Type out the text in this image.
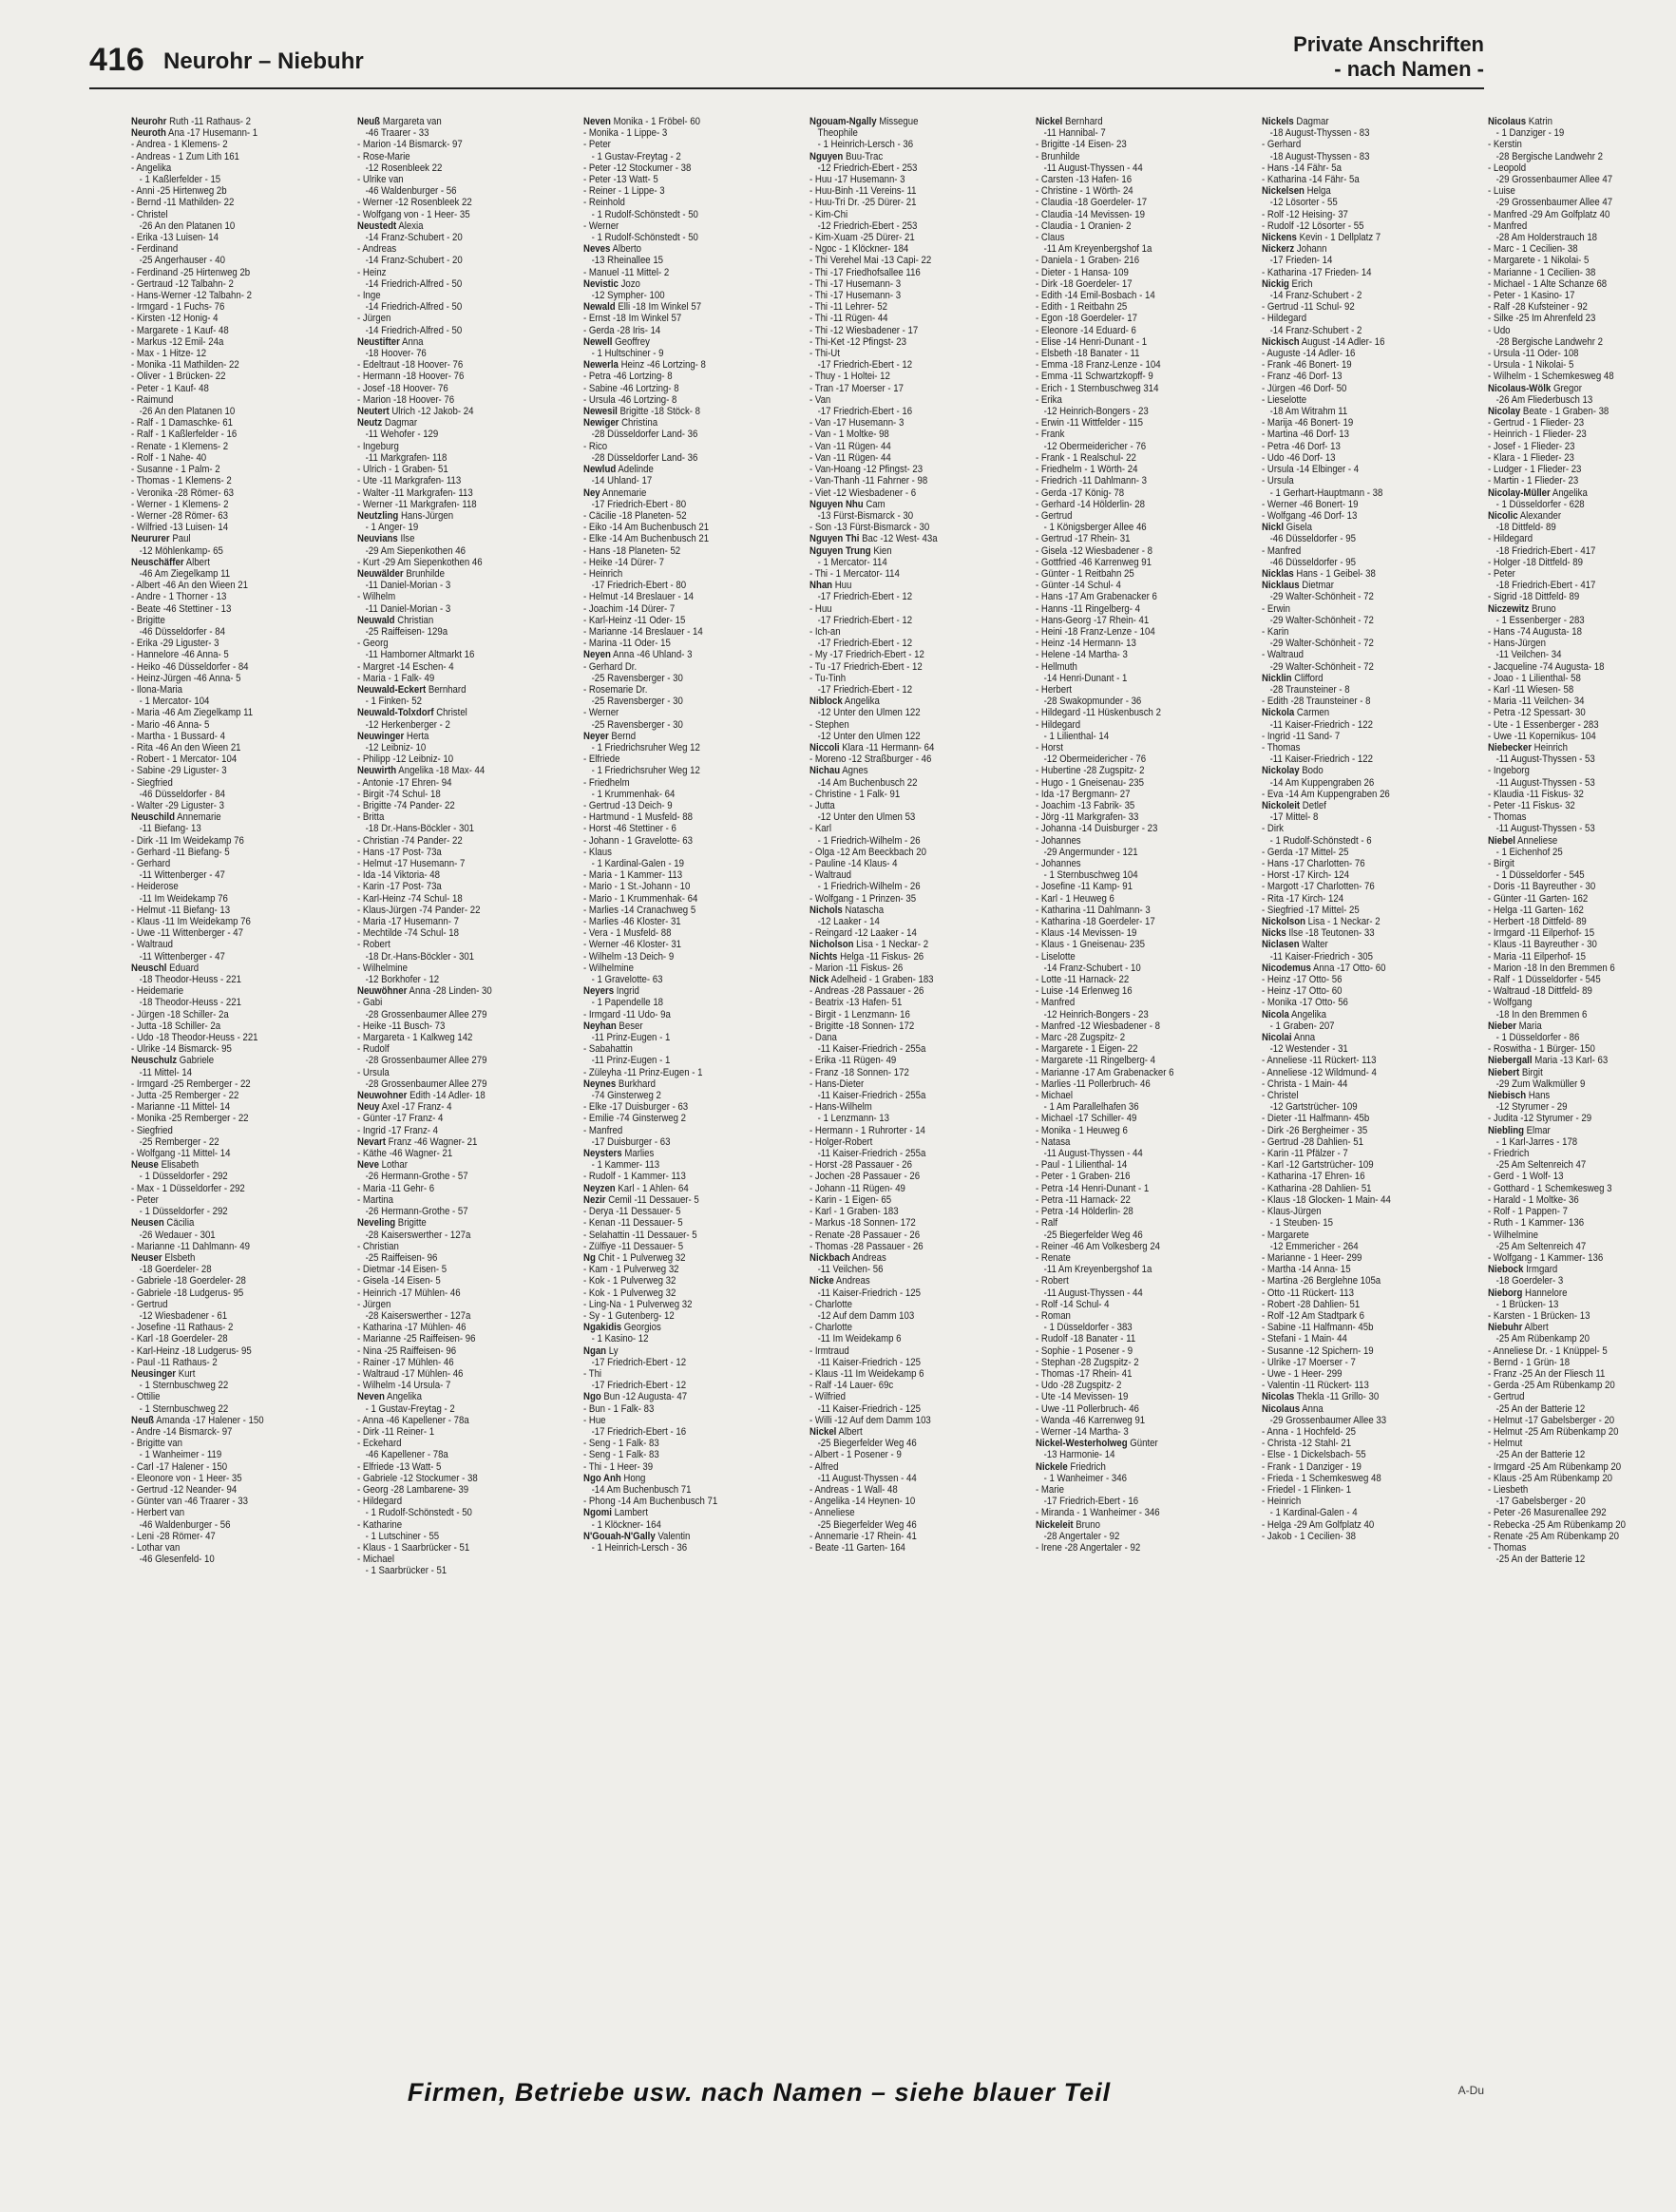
416 Neurohr – Niebuhr
Private Anschriften
- nach Namen -
Neurohr Ruth -11 Rathaus- 2
Neuroth Ana -17 Husemann- 1
- Andrea - 1 Klemens- 2
- Andreas - 1 Zum Lith 161
- Angelika
- 1 Kaßlerfelder - 15
- Anni -25 Hirtenweg 2b
- Bernd -11 Mathilden- 22
- Christel
-26 An den Platanen 10
- Erika -13 Luisen- 14
- Ferdinand
-25 Angerhauser - 40
- Ferdinand -25 Hirtenweg 2b
- Gertraud -12 Talbahn- 2
- Hans-Werner -12 Talbahn- 2
- Irmgard - 1 Fuchs- 76
- Kirsten -12 Honig- 4
- Margarete - 1 Kauf- 48
- Markus -12 Emil- 24a
- Max - 1 Hitze- 12
- Monika -11 Mathilden- 22
- Oliver - 1 Brücken- 22
- Peter - 1 Kauf- 48
- Raimund
-26 An den Platanen 10
- Ralf - 1 Damaschke- 61
- Ralf - 1 Kaßlerfelder - 16
- Renate - 1 Klemens- 2
- Rolf - 1 Nahe- 40
- Susanne - 1 Palm- 2
- Thomas - 1 Klemens- 2
- Veronika -28 Römer- 63
- Werner - 1 Klemens- 2
- Werner -28 Römer- 63
- Wilfried -13 Luisen- 14
Neururer Paul
-12 Möhlenkamp- 65
Neuschäffer Albert
-46 Am Ziegelkamp 11
- Albert -46 An den Wieen 21
- Andre - 1 Thorner - 13
- Beate -46 Stettiner - 13
- Brigitte
-46 Düsseldorfer - 84
- Erika -29 Liguster- 3
- Hannelore -46 Anna- 5
- Heiko -46 Düsseldorfer - 84
- Heinz-Jürgen -46 Anna- 5
- Ilona-Maria
- 1 Mercator- 104
- Maria -46 Am Ziegelkamp 11
- Mario -46 Anna- 5
- Martha - 1 Bussard- 4
- Rita -46 An den Wieen 21
- Robert - 1 Mercator- 104
- Sabine -29 Liguster- 3
- Siegfried
-46 Düsseldorfer - 84
- Walter -29 Liguster- 3
Neuschild Annemarie
-11 Biefang- 13
- Dirk -11 Im Weidekamp 76
- Gerhard -11 Biefang- 5
- Gerhard
-11 Wittenberger - 47
- Heiderose
-11 Im Weidekamp 76
- Helmut -11 Biefang- 13
- Klaus -11 Im Weidekamp 76
- Uwe -11 Wittenberger - 47
- Waltraud
-11 Wittenberger - 47
Neuschl Eduard
-18 Theodor-Heuss - 221
- Heidemarie
-18 Theodor-Heuss - 221
- Jürgen -18 Schiller- 2a
- Jutta -18 Schiller- 2a
- Udo -18 Theodor-Heuss - 221
- Ulrike -14 Bismarck- 95
Neuschulz Gabriele
-11 Mittel- 14
- Irmgard -25 Remberger - 22
- Jutta -25 Remberger - 22
- Marianne -11 Mittel- 14
- Monika -25 Remberger - 22
- Siegfried
-25 Remberger - 22
- Wolfgang -11 Mittel- 14
Neuse Elisabeth
- 1 Düsseldorfer - 292
- Max - 1 Düsseldorfer - 292
- Peter
- 1 Düsseldorfer - 292
Neusen Cäcilia
-26 Wedauer - 301
- Marianne -11 Dahlmann- 49
Neuser Elsbeth
-18 Goerdeler- 28
- Gabriele -18 Goerdeler- 28
- Gabriele -18 Ludgerus- 95
- Gertrud
-12 Wiesbadener - 61
- Josefine -11 Rathaus- 2
- Karl -18 Goerdeler- 28
- Karl-Heinz -18 Ludgerus- 95
- Paul -11 Rathaus- 2
Neusinger Kurt
- 1 Sternbuschweg 22
- Ottilie
- 1 Sternbuschweg 22
Neuß Amanda -17 Halener - 150
- Andre -14 Bismarck- 97
- Brigitte van
- 1 Wanheimer - 119
- Carl -17 Halener - 150
- Eleonore von - 1 Heer- 35
- Gertrud -12 Neander- 94
- Günter van -46 Traarer - 33
- Herbert van
-46 Waldenburger - 56
- Leni -28 Römer- 47
- Lothar van
-46 Glesenfeld- 10
Neuß Margareta van
-46 Traarer - 33
- Marion -14 Bismarck- 97
- Rose-Marie
-12 Rosenbleek 22
- Ulrike van
-46 Waldenburger - 56
- Werner -12 Rosenbleek 22
- Wolfgang von - 1 Heer- 35
Neustedt Alexia
-14 Franz-Schubert - 20
- Andreas
-14 Franz-Schubert - 20
- Heinz
-14 Friedrich-Alfred - 50
- Inge
-14 Friedrich-Alfred - 50
- Jürgen
-14 Friedrich-Alfred - 50
Neustifter Anna
-18 Hoover- 76
- Edeltraut -18 Hoover- 76
- Hermann -18 Hoover- 76
- Josef -18 Hoover- 76
- Marion -18 Hoover- 76
Neutert Ulrich -12 Jakob- 24
Neutz Dagmar
-11 Wehofer - 129
- Ingeburg
-11 Markgrafen- 118
- Ulrich - 1 Graben- 51
- Ute -11 Markgrafen- 113
- Walter -11 Markgrafen- 113
- Werner -11 Markgrafen- 118
Neutzling Hans-Jürgen
- 1 Anger- 19
Neuvians Ilse
-29 Am Siepenkothen 46
- Kurt -29 Am Siepenkothen 46
Neuwälder Brunhilde
-11 Daniel-Morian - 3
- Wilhelm
-11 Daniel-Morian - 3
Neuwald Christian
-25 Raiffeisen- 129a
- Georg
-11 Hamborner Altmarkt 16
- Margret -14 Eschen- 4
- Maria - 1 Falk- 49
Neuwald-Eckert Bernhard
- 1 Finken- 52
Neuwald-Tolxdorf Christel
-12 Herkenberger - 2
Neuwinger Herta
-12 Leibniz- 10
- Philipp -12 Leibniz- 10
Neuwirth Angelika -18 Max- 44
- Antonie -17 Ehren- 94
- Birgit -74 Schul- 18
- Brigitte -74 Pander- 22
- Britta
-18 Dr.-Hans-Böckler - 301
- Christian -74 Pander- 22
- Hans -17 Post- 73a
- Helmut -17 Husemann- 7
- Ida -14 Viktoria- 48
- Karin -17 Post- 73a
- Karl-Heinz -74 Schul- 18
- Klaus-Jürgen -74 Pander- 22
- Maria -17 Husemann- 7
- Mechtilde -74 Schul- 18
- Robert
-18 Dr.-Hans-Böckler - 301
- Wilhelmine
-12 Borkhofer - 12
Neuwöhner Anna -28 Linden- 30
- Gabi
-28 Grossenbaumer Allee 279
- Heike -11 Busch- 73
- Margareta - 1 Kalkweg 142
- Rudolf
-28 Grossenbaumer Allee 279
- Ursula
-28 Grossenbaumer Allee 279
Neuwohner Edith -14 Adler- 18
Neuy Axel -17 Franz- 4
- Günter -17 Franz- 4
- Ingrid -17 Franz- 4
Nevart Franz -46 Wagner- 21
- Käthe -46 Wagner- 21
Neve Lothar
-26 Hermann-Grothe - 57
- Maria -11 Gehr- 6
- Martina
-26 Hermann-Grothe - 57
Neveling Brigitte
-28 Kaiserswerther - 127a
- Christian
-25 Raiffeisen- 96
- Dietmar -14 Eisen- 5
- Gisela -14 Eisen- 5
- Heinrich -17 Mühlen- 46
- Jürgen
-28 Kaiserswerther - 127a
- Katharina -17 Mühlen- 46
- Marianne -25 Raiffeisen- 96
- Nina -25 Raiffeisen- 96
- Rainer -17 Mühlen- 46
- Waltraud -17 Mühlen- 46
- Wilhelm -14 Ursula- 7
Neven Angelika
- 1 Gustav-Freytag - 2
- Anna -46 Kapellener - 78a
- Dirk -11 Reiner- 1
- Eckehard
-46 Kapellener - 78a
- Elfriede -13 Watt- 5
- Gabriele -12 Stockumer - 38
- Georg -28 Lambarene- 39
- Hildegard
- 1 Rudolf-Schönstedt - 50
- Katharine
- 1 Lutschiner - 55
- Klaus - 1 Saarbrücker - 51
- Michael
- 1 Saarbrücker - 51
Neven Monika - 1 Fröbel- 60
- Monika - 1 Lippe- 3
- Peter
- 1 Gustav-Freytag - 2
- Peter -12 Stockumer - 38
- Peter -13 Watt- 5
- Reiner - 1 Lippe- 3
- Reinhold
- 1 Rudolf-Schönstedt - 50
- Werner
- 1 Rudolf-Schönstedt - 50
Neves Alberto
-13 Rheinallee 15
- Manuel -11 Mittel- 2
Nevistic Jozo
-12 Sympher- 100
Newald Elli -18 Im Winkel 57
- Ernst -18 Im Winkel 57
- Gerda -28 Iris- 14
Newell Geoffrey
- 1 Hultschiner - 9
Newerla Heinz -46 Lortzing- 8
- Petra -46 Lortzing- 8
- Sabine -46 Lortzing- 8
- Ursula -46 Lortzing- 8
Newesil Brigitte -18 Stöck- 8
Newiger Christina
-28 Düsseldorfer Land- 36
- Rico
-28 Düsseldorfer Land- 36
Newlud Adelinde
-14 Uhland- 17
Ney Annemarie
-17 Friedrich-Ebert - 80
- Cäcilie -18 Planeten- 52
- Eiko -14 Am Buchenbusch 21
- Elke -14 Am Buchenbusch 21
- Hans -18 Planeten- 52
- Heike -14 Dürer- 7
- Heinrich
-17 Friedrich-Ebert - 80
- Helmut -14 Breslauer - 14
- Joachim -14 Dürer- 7
- Karl-Heinz -11 Oder- 15
- Marianne -14 Breslauer - 14
- Marina -11 Oder- 15
Neyen Anna -46 Uhland- 3
- Gerhard Dr.
-25 Ravensberger - 30
- Rosemarie Dr.
-25 Ravensberger - 30
- Werner
-25 Ravensberger - 30
Neyer Bernd
- 1 Friedrichsruher Weg 12
- Elfriede
- 1 Friedrichsruher Weg 12
- Friedhelm
- 1 Krummenhak- 64
- Gertrud -13 Deich- 9
- Hartmund - 1 Musfeld- 88
- Horst -46 Stettiner - 6
- Johann - 1 Gravelotte- 63
- Klaus
- 1 Kardinal-Galen - 19
- Maria - 1 Kammer- 113
- Mario - 1 St.-Johann - 10
- Mario - 1 Krummenhak- 64
- Marlies -14 Cranachweg 5
- Marlies -46 Kloster- 31
- Vera - 1 Musfeld- 88
- Werner -46 Kloster- 31
- Wilhelm -13 Deich- 9
- Wilhelmine
- 1 Gravelotte- 63
Neyers Ingrid
- 1 Papendelle 18
- Irmgard -11 Udo- 9a
Neyhan Beser
-11 Prinz-Eugen - 1
- Sabahattin
-11 Prinz-Eugen - 1
- Züleyha -11 Prinz-Eugen - 1
Neynes Burkhard
-74 Ginsterweg 2
- Elke -17 Duisburger - 63
- Emilie -74 Ginsterweg 2
- Manfred
-17 Duisburger - 63
Neysters Marlies
- 1 Kammer- 113
- Rudolf - 1 Kammer- 113
Neyzen Karl - 1 Ahlen- 64
Nezir Cemil -11 Dessauer- 5
- Derya -11 Dessauer- 5
- Kenan -11 Dessauer- 5
- Selahattin -11 Dessauer- 5
- Zülfiye -11 Dessauer- 5
Ng Chit - 1 Pulverweg 32
- Kam - 1 Pulverweg 32
- Kok - 1 Pulverweg 32
- Kok - 1 Pulverweg 32
- Ling-Na - 1 Pulverweg 32
- Sy - 1 Gutenberg- 12
Ngakidis Georgios
- 1 Kasino- 12
Ngan Ly
-17 Friedrich-Ebert - 12
- Thi
-17 Friedrich-Ebert - 12
Ngo Bun -12 Augusta- 47
- Bun - 1 Falk- 83
- Hue
-17 Friedrich-Ebert - 16
- Seng - 1 Falk- 83
- Seng - 1 Falk- 83
- Thi - 1 Heer- 39
Ngo Anh Hong
-14 Am Buchenbusch 71
- Phong -14 Am Buchenbusch 71
Ngomi Lambert
- 1 Klöckner- 164
N'Gouah-N'Gally Valentin
- 1 Heinrich-Lersch - 36
Ngouam-Ngally Missegue
Theophile
- 1 Heinrich-Lersch - 36
Nguyen Buu-Trac
-12 Friedrich-Ebert - 253
- Huu -17 Husemann- 3
- Huu-Binh -11 Vereins- 11
- Huu-Tri Dr. -25 Dürer- 21
- Kim-Chi
-12 Friedrich-Ebert - 253
- Kim-Xuam -25 Dürer- 21
- Ngoc - 1 Klöckner- 184
- Thi Verehel Mai -13 Capi- 22
- Thi -17 Friedhofsallee 116
- Thi -17 Husemann- 3
- Thi -17 Husemann- 3
- Thi -11 Lehrer- 52
- Thi -11 Rügen- 44
- Thi -12 Wiesbadener - 17
- Thi-Ket -12 Pfingst- 23
- Thi-Ut
-17 Friedrich-Ebert - 12
- Thuy - 1 Holtei- 12
- Tran -17 Moerser - 17
- Van
-17 Friedrich-Ebert - 16
- Van -17 Husemann- 3
- Van - 1 Moltke- 98
- Van -11 Rügen- 44
- Van -11 Rügen- 44
- Van-Hoang -12 Pfingst- 23
- Van-Thanh -11 Fahrner - 98
- Viet -12 Wiesbadener - 6
Nguyen Nhu Cam
-13 Fürst-Bismarck - 30
- Son -13 Fürst-Bismarck - 30
Nguyen Thi Bac -12 West- 43a
Nguyen Trung Kien
- 1 Mercator- 114
- Thi - 1 Mercator- 114
Nhan Huu
-17 Friedrich-Ebert - 12
- Huu
-17 Friedrich-Ebert - 12
- Ich-an
-17 Friedrich-Ebert - 12
- My -17 Friedrich-Ebert - 12
- Tu -17 Friedrich-Ebert - 12
- Tu-Tinh
-17 Friedrich-Ebert - 12
Niblock Angelika
-12 Unter den Ulmen 122
- Stephen
-12 Unter den Ulmen 122
Niccoli Klara -11 Hermann- 64
- Moreno -12 Straßburger - 46
Nichau Agnes
-14 Am Buchenbusch 22
- Christine - 1 Falk- 91
- Jutta
-12 Unter den Ulmen 53
- Karl
- 1 Friedrich-Wilhelm - 26
- Olga -12 Am Beeckbach 20
- Pauline -14 Klaus- 4
- Waltraud
- 1 Friedrich-Wilhelm - 26
- Wolfgang - 1 Prinzen- 35
Nichols Natascha
-12 Laaker - 14
- Reingard -12 Laaker - 14
Nicholson Lisa - 1 Neckar- 2
Nichts Helga -11 Fiskus- 26
- Marion -11 Fiskus- 26
Nick Adelheid - 1 Graben- 183
- Andreas -28 Passauer - 26
- Beatrix -13 Hafen- 51
- Birgit - 1 Lenzmann- 16
- Brigitte -18 Sonnen- 172
- Dana
-11 Kaiser-Friedrich - 255a
- Erika -11 Rügen- 49
- Franz -18 Sonnen- 172
- Hans-Dieter
-11 Kaiser-Friedrich - 255a
- Hans-Wilhelm
- 1 Lenzmann- 13
- Hermann - 1 Ruhrorter - 14
- Holger-Robert
-11 Kaiser-Friedrich - 255a
- Horst -28 Passauer - 26
- Jochen -28 Passauer - 26
- Johann -11 Rügen- 49
- Karin - 1 Eigen- 65
- Karl - 1 Graben- 183
- Markus -18 Sonnen- 172
- Renate -28 Passauer - 26
- Thomas -28 Passauer - 26
Nickbach Andreas
-11 Veilchen- 56
Nicke Andreas
-11 Kaiser-Friedrich - 125
- Charlotte
-12 Auf dem Damm 103
- Charlotte
-11 Im Weidekamp 6
- Irmtraud
-11 Kaiser-Friedrich - 125
- Klaus -11 Im Weidekamp 6
- Ralf -14 Lauer- 69c
- Wilfried
-11 Kaiser-Friedrich - 125
- Willi -12 Auf dem Damm 103
Nickel Albert
-25 Biegerfelder Weg 46
- Albert - 1 Posener - 9
- Alfred
-11 August-Thyssen - 44
- Andreas - 1 Wall- 48
- Angelika -14 Heynen- 10
- Anneliese
-25 Biegerfelder Weg 46
- Annemarie -17 Rhein- 41
- Beate -11 Garten- 164
Nickel Bernhard
-11 Hannibal- 7
- Brigitte -14 Eisen- 23
- Brunhilde
-11 August-Thyssen - 44
- Carsten -13 Hafen- 16
- Christine - 1 Wörth- 24
- Claudia -18 Goerdeler- 17
- Claudia -14 Mevissen- 19
- Claudia - 1 Oranien- 2
- Claus
-11 Am Kreyenbergshof 1a
- Daniela - 1 Graben- 216
- Dieter - 1 Hansa- 109
- Dirk -18 Goerdeler- 17
- Edith -14 Emil-Bosbach - 14
- Edith - 1 Reitbahn 25
- Egon -18 Goerdeler- 17
- Eleonore -14 Eduard- 6
- Elise -14 Henri-Dunant - 1
- Elsbeth -18 Banater - 11
- Emma -18 Franz-Lenze - 104
- Emma -11 Schwartzkopff- 9
- Erich - 1 Sternbuschweg 314
- Erika
-12 Heinrich-Bongers - 23
- Erwin -11 Wittfelder - 115
- Frank
-12 Obermeidericher - 76
- Frank - 1 Realschul- 22
- Friedhelm - 1 Wörth- 24
- Friedrich -11 Dahlmann- 3
- Gerda -17 König- 78
- Gerhard -14 Hölderlin- 28
- Gertrud
- 1 Königsberger Allee 46
- Gertrud -17 Rhein- 31
- Gisela -12 Wiesbadener - 8
- Gottfried -46 Karrenweg 91
- Günter - 1 Reitbahn 25
- Günter -14 Schul- 4
- Hans -17 Am Grabenacker 6
- Hanns -11 Ringelberg- 4
- Hans-Georg -17 Rhein- 41
- Heini -18 Franz-Lenze - 104
- Heinz -14 Hermann- 13
- Helene -14 Martha- 3
- Hellmuth
-14 Henri-Dunant - 1
- Herbert
-28 Swakopmunder - 36
- Hildegard -11 Hüskenbusch 2
- Hildegard
- 1 Lilienthal- 14
- Horst
-12 Obermeidericher - 76
- Hubertine -28 Zugspitz- 2
- Hugo - 1 Gneisenau- 235
- Ida -17 Bergmann- 27
- Joachim -13 Fabrik- 35
- Jörg -11 Markgrafen- 33
- Johanna -14 Duisburger - 23
- Johannes
-29 Angermunder - 121
- Johannes
- 1 Sternbuschweg 104
- Josefine -11 Kamp- 91
- Karl - 1 Heuweg 6
- Katharina -11 Dahlmann- 3
- Katharina -18 Goerdeler- 17
- Klaus -14 Mevissen- 19
- Klaus - 1 Gneisenau- 235
- Liselotte
-14 Franz-Schubert - 10
- Lotte -11 Harnack- 22
- Luise -14 Erlenweg 16
- Manfred
-12 Heinrich-Bongers - 23
- Manfred -12 Wiesbadener - 8
- Marc -28 Zugspitz- 2
- Margarete - 1 Eigen- 22
- Margarete -11 Ringelberg- 4
- Marianne -17 Am Grabenacker 6
- Marlies -11 Pollerbruch- 46
- Michael
- 1 Am Parallelhafen 36
- Michael -17 Schiller- 49
- Monika - 1 Heuweg 6
- Natasa
-11 August-Thyssen - 44
- Paul - 1 Lilienthal- 14
- Peter - 1 Graben- 216
- Petra -14 Henri-Dunant - 1
- Petra -11 Harnack- 22
- Petra -14 Hölderlin- 28
- Ralf
-25 Biegerfelder Weg 46
- Reiner -46 Am Volkesberg 24
- Renate
-11 Am Kreyenbergshof 1a
- Robert
-11 August-Thyssen - 44
- Rolf -14 Schul- 4
- Roman
- 1 Düsseldorfer - 383
- Rudolf -18 Banater - 11
- Sophie - 1 Posener - 9
- Stephan -28 Zugspitz- 2
- Thomas -17 Rhein- 41
- Udo -28 Zugspitz- 2
- Ute -14 Mevissen- 19
- Uwe -11 Pollerbruch- 46
- Wanda -46 Karrenweg 91
- Werner -14 Martha- 3
Nickel-Westerholweg Günter
-13 Harmonie- 14
Nickele Friedrich
- 1 Wanheimer - 346
- Marie
-17 Friedrich-Ebert - 16
- Miranda - 1 Wanheimer - 346
Nickeleit Bruno
-28 Angertaler - 92
- Irene -28 Angertaler - 92
Nickels Dagmar
-18 August-Thyssen - 83
- Gerhard
-18 August-Thyssen - 83
- Hans -14 Fähr- 5a
- Katharina -14 Fähr- 5a
Nickelsen Helga
-12 Lösorter - 55
- Rolf -12 Heising- 37
- Rudolf -12 Lösorter - 55
Nickens Kevin - 1 Dellplatz 7
Nickerz Johann
-17 Frieden- 14
- Katharina -17 Frieden- 14
Nickig Erich
-14 Franz-Schubert - 2
- Gertrud -11 Schul- 92
- Hildegard
-14 Franz-Schubert - 2
Nickisch August -14 Adler- 16
- Auguste -14 Adler- 16
- Frank -46 Bonert- 19
- Franz -46 Dorf- 13
- Jürgen -46 Dorf- 50
- Lieselotte
-18 Am Witrahm 11
- Marija -46 Bonert- 19
- Martina -46 Dorf- 13
- Petra -46 Dorf- 13
- Udo -46 Dorf- 13
- Ursula -14 Elbinger - 4
- Ursula
- 1 Gerhart-Hauptmann - 38
- Werner -46 Bonert- 19
- Wolfgang -46 Dorf- 13
Nickl Gisela
-46 Düsseldorfer - 95
- Manfred
-46 Düsseldorfer - 95
Nicklas Hans - 1 Geibel- 38
Nicklaus Dietmar
-29 Walter-Schönheit - 72
- Erwin
-29 Walter-Schönheit - 72
- Karin
-29 Walter-Schönheit - 72
- Waltraud
-29 Walter-Schönheit - 72
Nicklin Clifford
-28 Traunsteiner - 8
- Edith -28 Traunsteiner - 8
Nickola Carmen
-11 Kaiser-Friedrich - 122
- Ingrid -11 Sand- 7
- Thomas
-11 Kaiser-Friedrich - 122
Nickolay Bodo
-14 Am Kuppengraben 26
- Eva -14 Am Kuppengraben 26
Nickoleit Detlef
-17 Mittel- 8
- Dirk
- 1 Rudolf-Schönstedt - 6
- Gerda -17 Mittel- 25
- Hans -17 Charlotten- 76
- Horst -17 Kirch- 124
- Margott -17 Charlotten- 76
- Rita -17 Kirch- 124
- Siegfried -17 Mittel- 25
Nickolson Lisa - 1 Neckar- 2
Nicks Ilse -18 Teutonen- 33
Niclasen Walter
-11 Kaiser-Friedrich - 305
Nicodemus Anna -17 Otto- 60
- Heinz -17 Otto- 56
- Heinz -17 Otto- 60
- Monika -17 Otto- 56
Nicola Angelika
- 1 Graben- 207
Nicolai Anna
-12 Westender - 31
- Anneliese -11 Rückert- 113
- Anneliese -12 Wildmund- 4
- Christa - 1 Main- 44
- Christel
-12 Gartstrücher- 109
- Dieter -11 Halfmann- 45b
- Dirk -26 Bergheimer - 35
- Gertrud -28 Dahlien- 51
- Karin -11 Pfälzer - 7
- Karl -12 Gartstrücher- 109
- Katharina -17 Ehren- 16
- Katharina -28 Dahlien- 51
- Klaus -18 Glocken- 1 Main- 44
- Klaus-Jürgen
- 1 Steuben- 15
- Margarete
-12 Emmericher - 264
- Marianne - 1 Heer- 299
- Martha -14 Anna- 15
- Martina -26 Berglehne 105a
- Otto -11 Rückert- 113
- Robert -28 Dahlien- 51
- Rolf -12 Am Stadtpark 6
- Sabine -11 Halfmann- 45b
- Stefani - 1 Main- 44
- Susanne -12 Spichern- 19
- Ulrike -17 Moerser - 7
- Uwe - 1 Heer- 299
- Valentin -11 Rückert- 113
Nicolas Thekla -11 Grillo- 30
Nicolaus Anna
-29 Grossenbaumer Allee 33
- Anna - 1 Hochfeld- 25
- Christa -12 Stahl- 21
- Else - 1 Dickelsbach- 55
- Frank - 1 Danziger - 19
- Frieda - 1 Schemkesweg 48
- Friedel - 1 Flinken- 1
- Heinrich
- 1 Kardinal-Galen - 4
- Helga -29 Am Golfplatz 40
- Jakob - 1 Cecilien- 38
Nicolaus Katrin
- 1 Danziger - 19
- Kerstin
-28 Bergische Landwehr 2
- Leopold
-29 Grossenbaumer Allee 47
- Luise
-29 Grossenbaumer Allee 47
- Manfred -29 Am Golfplatz 40
- Manfred
-28 Am Holderstrauch 18
- Marc - 1 Cecilien- 38
- Margarete - 1 Nikolai- 5
- Marianne - 1 Cecilien- 38
- Michael - 1 Alte Schanze 68
- Peter - 1 Kasino- 17
- Ralf -28 Kufsteiner - 92
- Silke -25 Im Ahrenfeld 23
- Udo
-28 Bergische Landwehr 2
- Ursula -11 Oder- 108
- Ursula - 1 Nikolai- 5
- Wilhelm - 1 Schemkesweg 48
Nicolaus-Wölk Gregor
-26 Am Fliederbusch 13
Nicolay Beate - 1 Graben- 38
- Gertrud - 1 Flieder- 23
- Heinrich - 1 Flieder- 23
- Josef - 1 Flieder- 23
- Klara - 1 Flieder- 23
- Ludger - 1 Flieder- 23
- Martin - 1 Flieder- 23
Nicolay-Müller Angelika
- 1 Düsseldorfer - 628
Nicolic Alexander
-18 Dittfeld- 89
- Hildegard
-18 Friedrich-Ebert - 417
- Holger -18 Dittfeld- 89
- Peter
-18 Friedrich-Ebert - 417
- Sigrid -18 Dittfeld- 89
Niczewitz Bruno
- 1 Essenberger - 283
- Hans -74 Augusta- 18
- Hans-Jürgen
-11 Veilchen- 34
- Jacqueline -74 Augusta- 18
- Joao - 1 Lilienthal- 58
- Karl -11 Wiesen- 58
- Maria -11 Veilchen- 34
- Petra -12 Spessart- 30
- Ute - 1 Essenberger - 283
- Uwe -11 Kopernikus- 104
Niebecker Heinrich
-11 August-Thyssen - 53
- Ingeborg
-11 August-Thyssen - 53
- Klaudia -11 Fiskus- 32
- Peter -11 Fiskus- 32
- Thomas
-11 August-Thyssen - 53
Niebel Anneliese
- 1 Eichenhof 25
- Birgit
- 1 Düsseldorfer - 545
- Doris -11 Bayreuther - 30
- Günter -11 Garten- 162
- Helga -11 Garten- 162
- Herbert -18 Dittfeld- 89
- Irmgard -11 Eilperhof- 15
- Klaus -11 Bayreuther - 30
- Maria -11 Eilperhof- 15
- Marion -18 In den Bremmen 6
- Ralf - 1 Düsseldorfer - 545
- Waltraud -18 Dittfeld- 89
- Wolfgang
-18 In den Bremmen 6
Nieber Maria
- 1 Düsseldorfer - 86
- Roswitha - 1 Bürger- 150
Niebergall Maria -13 Karl- 63
Niebert Birgit
-29 Zum Walkmüller 9
Niebisch Hans
-12 Styrumer - 29
- Judita -12 Styrumer - 29
Niebling Elmar
- 1 Karl-Jarres - 178
- Friedrich
-25 Am Seltenreich 47
- Gerd - 1 Wolf- 13
- Gotthard - 1 Schemkesweg 3
- Harald - 1 Moltke- 36
- Rolf - 1 Pappen- 7
- Ruth - 1 Kammer- 136
- Wilhelmine
-25 Am Seltenreich 47
- Wolfgang - 1 Kammer- 136
Niebock Irmgard
-18 Goerdeler- 3
Nieborg Hannelore
- 1 Brücken- 13
- Karsten - 1 Brücken- 13
Niebuhr Albert
-25 Am Rübenkamp 20
- Anneliese Dr. - 1 Knüppel- 5
- Bernd - 1 Grün- 18
- Franz -25 An der Fliesch 11
- Gerda -25 Am Rübenkamp 20
- Gertrud
-25 An der Batterie 12
- Helmut -17 Gabelsberger - 20
- Helmut -25 Am Rübenkamp 20
- Helmut
-25 An der Batterie 12
- Irmgard -25 Am Rübenkamp 20
- Klaus -25 Am Rübenkamp 20
- Liesbeth
-17 Gabelsberger - 20
- Peter -26 Masurenallee 292
- Rebecka -25 Am Rübenkamp 20
- Renate -25 Am Rübenkamp 20
- Thomas
-25 An der Batterie 12
Firmen, Betriebe usw. nach Namen – siehe blauer Teil	A-Du
